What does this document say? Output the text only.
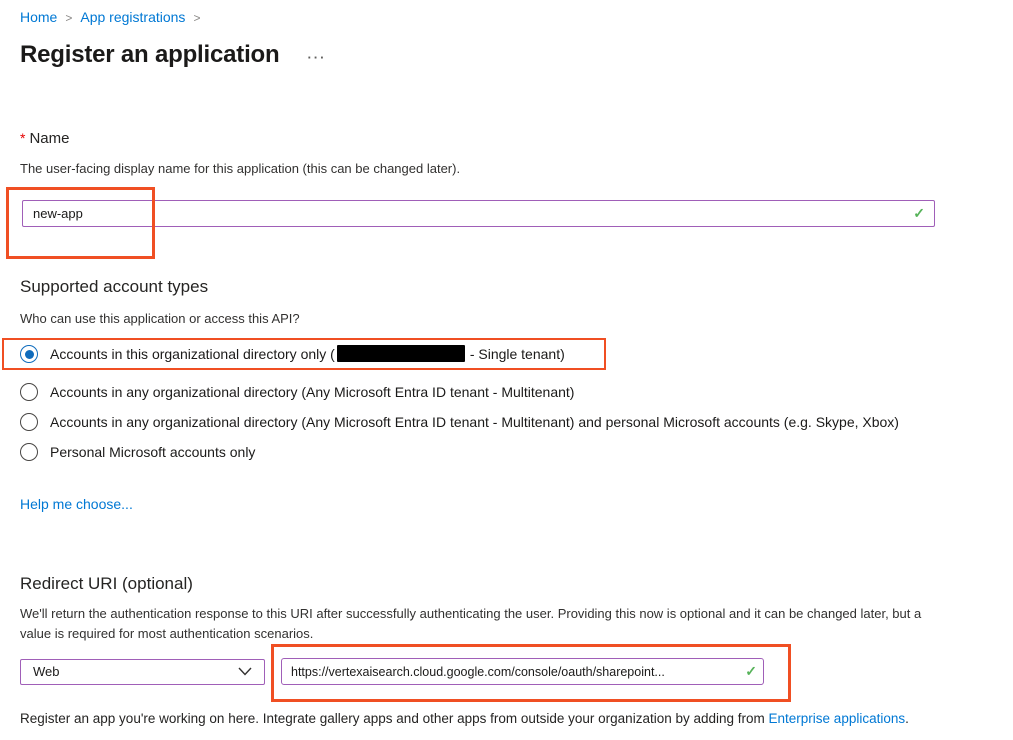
Home > App registrations >
Register an application ···
* Name
The user-facing display name for this application (this can be changed later).
new-app
✓
Supported account types
Who can use this application or access this API?
Accounts in this organizational directory only (	- Single tenant)
Accounts in any organizational directory (Any Microsoft Entra ID tenant - Multitenant)
Accounts in any organizational directory (Any Microsoft Entra ID tenant - Multitenant) and personal Microsoft accounts (e.g. Skype, Xbox)
Personal Microsoft accounts only
Help me choose...
Redirect URI (optional)
We'll return the authentication response to this URI after successfully authenticating the user. Providing this now is optional and it can be changed later, but a value is required for most authentication scenarios.
Web
https://vertexaisearch.cloud.google.com/console/oauth/sharepoint...	✓
Register an app you're working on here. Integrate gallery apps and other apps from outside your organization by adding from Enterprise applications.
